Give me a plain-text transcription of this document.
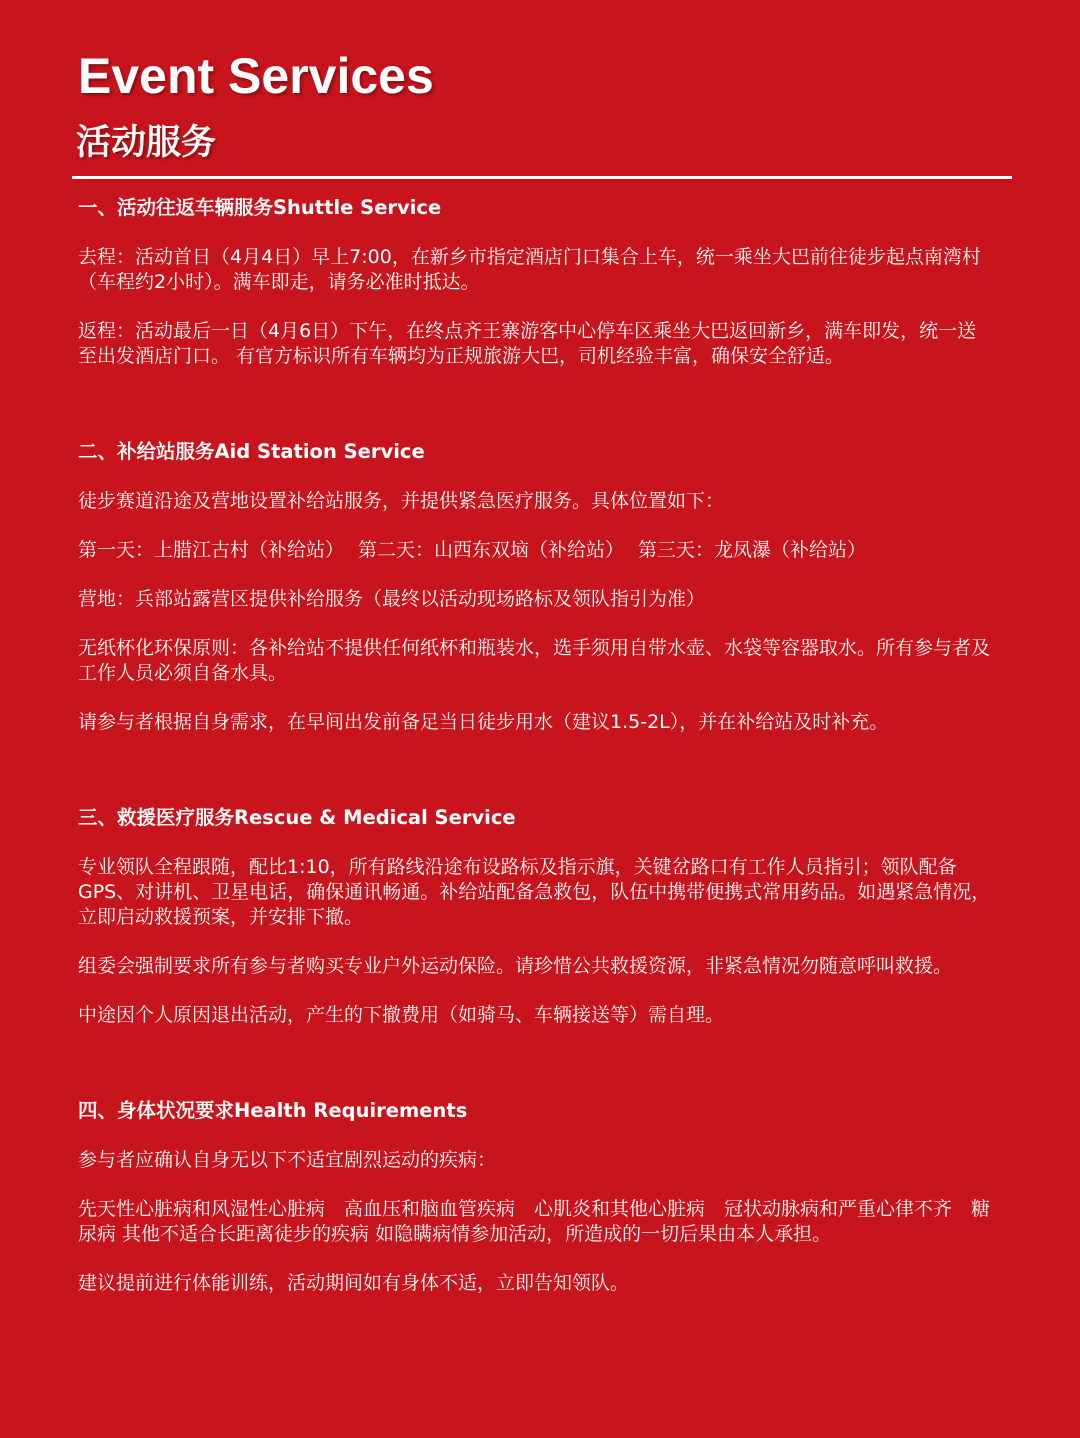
Event Services
活动服务
一、活动往返车辆服务Shuttle Service

去程：活动首日（4月4日）早上7:00，在新乡市指定酒店门口集合上车，统一乘坐大巴前往徒步起点南湾村（车程约2小时）。满车即走，请务必准时抵达。

返程：活动最后一日（4月6日）下午，在终点齐王寨游客中心停车区乘坐大巴返回新乡，满车即发，统一送至出发酒店门口。 有官方标识所有车辆均为正规旅游大巴，司机经验丰富，确保安全舒适。

二、补给站服务Aid Station Service

徒步赛道沿途及营地设置补给站服务，并提供紧急医疗服务。具体位置如下：

第一天：上腊江古村（补给站） 第二天：山西东双垴（补给站） 第三天：龙凤瀑（补给站）

营地：兵部站露营区提供补给服务（最终以活动现场路标及领队指引为准）

无纸杯化环保原则：各补给站不提供任何纸杯和瓶装水，选手须用自带水壶、水袋等容器取水。所有参与者及工作人员必须自备水具。

请参与者根据自身需求，在早间出发前备足当日徒步用水（建议1.5-2L），并在补给站及时补充。

三、救援医疗服务Rescue & Medical Service

专业领队全程跟随，配比1:10，所有路线沿途布设路标及指示旗，关键岔路口有工作人员指引；领队配备GPS、对讲机、卫星电话，确保通讯畅通。补给站配备急救包，队伍中携带便携式常用药品。如遇紧急情况，立即启动救援预案，并安排下撤。

组委会强制要求所有参与者购买专业户外运动保险。请珍惜公共救援资源，非紧急情况勿随意呼叫救援。

中途因个人原因退出活动，产生的下撤费用（如骑马、车辆接送等）需自理。

四、身体状况要求Health Requirements

参与者应确认自身无以下不适宜剧烈运动的疾病：

先天性心脏病和风湿性心脏病　高血压和脑血管疾病　心肌炎和其他心脏病　冠状动脉病和严重心律不齐　糖尿病 其他不适合长距离徒步的疾病 如隐瞒病情参加活动，所造成的一切后果由本人承担。

建议提前进行体能训练，活动期间如有身体不适，立即告知领队。
